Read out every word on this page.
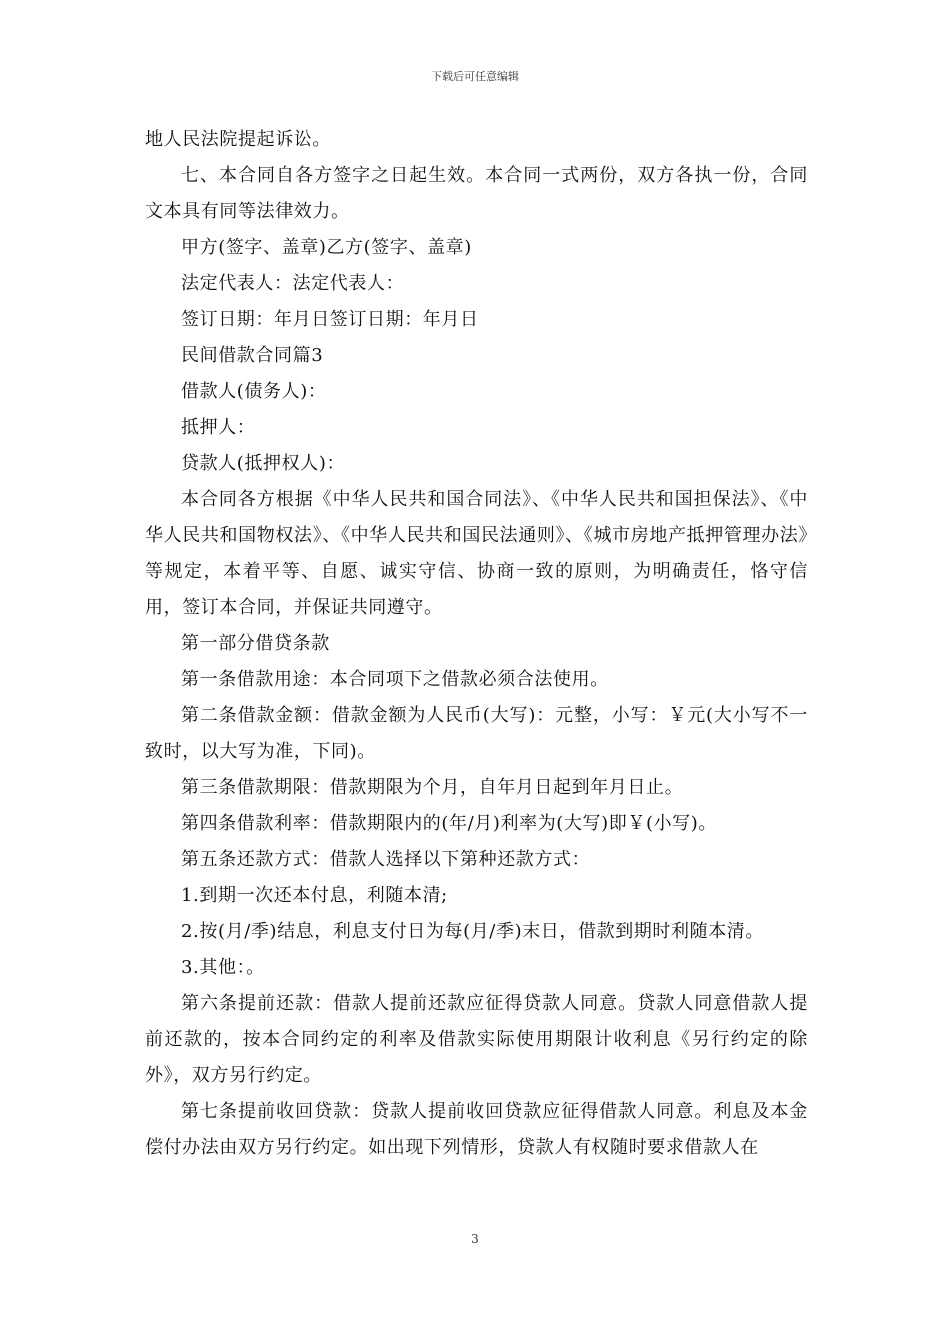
下载后可任意编辑

地人民法院提起诉讼。

七、本合同自各方签字之日起生效。本合同一式两份，双方各执一份，合同文本具有同等法律效力。

甲方(签字、盖章)乙方(签字、盖章)

法定代表人：法定代表人：

签订日期：年月日签订日期：年月日

民间借款合同篇3

借款人(债务人)：

抵押人：

贷款人(抵押权人)：

本合同各方根据《中华人民共和国合同法》、《中华人民共和国担保法》、《中华人民共和国物权法》、《中华人民共和国民法通则》、《城市房地产抵押管理办法》等规定，本着平等、自愿、诚实守信、协商一致的原则，为明确责任，恪守信用，签订本合同，并保证共同遵守。

第一部分借贷条款

第一条借款用途：本合同项下之借款必须合法使用。

第二条借款金额：借款金额为人民币(大写)：元整，小写：￥元(大小写不一致时，以大写为准，下同)。

第三条借款期限：借款期限为个月，自年月日起到年月日止。

第四条借款利率：借款期限内的(年/月)利率为(大写)即￥(小写)。

第五条还款方式：借款人选择以下第种还款方式：

1.到期一次还本付息，利随本清;

2.按(月/季)结息，利息支付日为每(月/季)末日，借款到期时利随本清。

3.其他：。

第六条提前还款：借款人提前还款应征得贷款人同意。贷款人同意借款人提前还款的，按本合同约定的利率及借款实际使用期限计收利息《另行约定的除外》，双方另行约定。

第七条提前收回贷款：贷款人提前收回贷款应征得借款人同意。利息及本金偿付办法由双方另行约定。如出现下列情形，贷款人有权随时要求借款人在

3
